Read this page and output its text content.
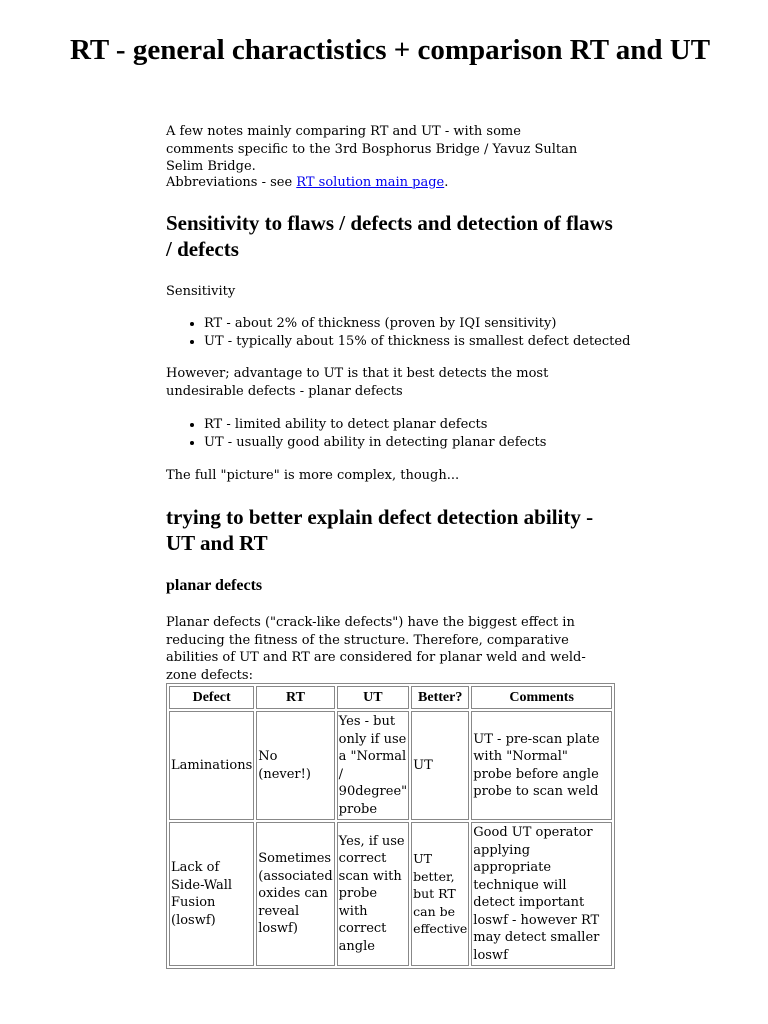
RT - general charactistics + comparison RT and UT
A few notes mainly comparing RT and UT - with some comments specific to the 3rd Bosphorus Bridge / Yavuz Sultan Selim Bridge.
Abbreviations - see RT solution main page.
Sensitivity to flaws / defects and detection of flaws / defects
Sensitivity
• RT - about 2% of thickness (proven by IQI sensitivity)
• UT - typically about 15% of thickness is smallest defect detected
However; advantage to UT is that it best detects the most undesirable defects - planar defects
• RT - limited ability to detect planar defects
• UT - usually good ability in detecting planar defects
The full "picture" is more complex, though...
trying to better explain defect detection ability - UT and RT
planar defects
Planar defects ("crack-like defects") have the biggest effect in reducing the fitness of the structure. Therefore, comparative abilities of UT and RT are considered for planar weld and weld-zone defects:
Defect	RT	UT	Better?	Comments
Laminations	No (never!)	Yes - but only if use a "Normal / 90degree" probe	UT	UT - pre-scan plate with "Normal" probe before angle probe to scan weld
Lack of Side-Wall Fusion (loswf)	Sometimes (associated oxides can reveal loswf)	Yes, if use correct scan with probe with correct angle	UT better, but RT can be effective	Good UT operator applying appropriate technique will detect important loswf - however RT may detect smaller loswf
